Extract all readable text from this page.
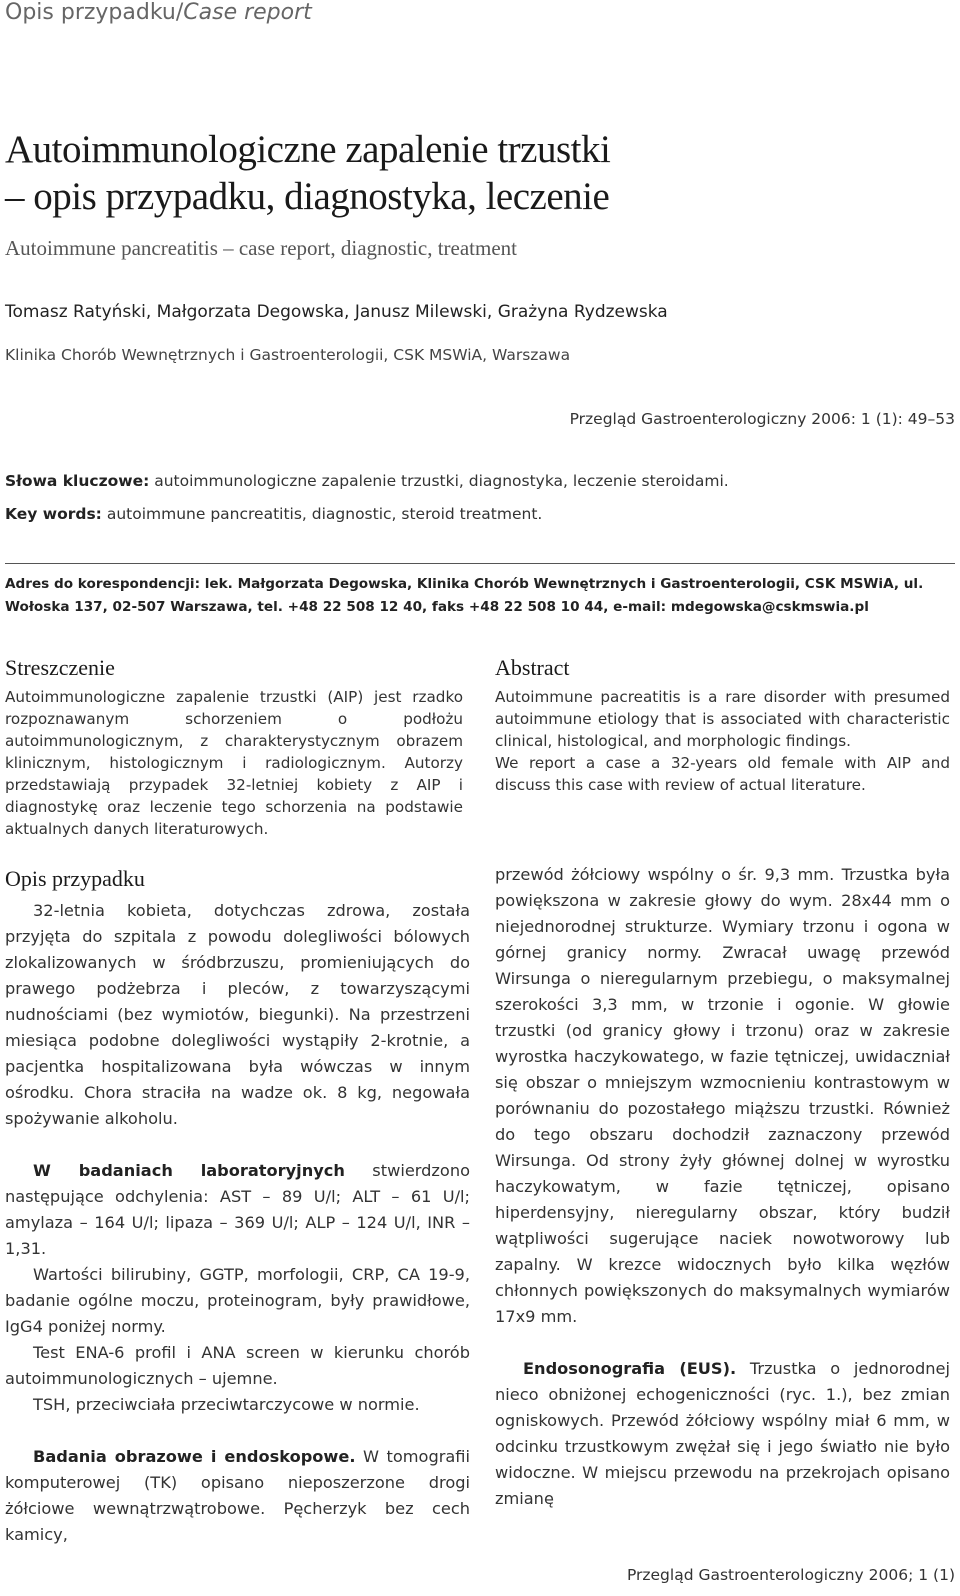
Opis przypadku/Case report
Autoimmunologiczne zapalenie trzustki
– opis przypadku, diagnostyka, leczenie
Autoimmune pancreatitis – case report, diagnostic, treatment
Tomasz Ratyński, Małgorzata Degowska, Janusz Milewski, Grażyna Rydzewska
Klinika Chorób Wewnętrznych i Gastroenterologii, CSK MSWiA, Warszawa
Przegląd Gastroenterologiczny 2006: 1 (1): 49–53
Słowa kluczowe: autoimmunologiczne zapalenie trzustki, diagnostyka, leczenie steroidami.
Key words: autoimmune pancreatitis, diagnostic, steroid treatment.
Adres do korespondencji: lek. Małgorzata Degowska, Klinika Chorób Wewnętrznych i Gastroenterologii, CSK MSWiA, ul. Wołoska 137, 02-507 Warszawa, tel. +48 22 508 12 40, faks +48 22 508 10 44, e-mail: mdegowska@cskmswia.pl
Streszczenie

Autoimmunologiczne zapalenie trzustki (AIP) jest rzadko rozpoznawanym schorzeniem o podłożu autoimmunologicznym, z charakterystycznym obrazem klinicznym, histologicznym i radiologicznym. Autorzy przedstawiają przypadek 32-letniej kobiety z AIP i diagnostykę oraz leczenie tego schorzenia na podstawie aktualnych danych literaturowych.

Abstract

Autoimmune pacreatitis is a rare disorder with presumed autoimmune etiology that is associated with characteristic clinical, histological, and morphologic findings.

We report a case a 32-years old female with AIP and discuss this case with review of actual literature.

Opis przypadku

32-letnia kobieta, dotychczas zdrowa, została przyjęta do szpitala z powodu dolegliwości bólowych zlokalizowanych w śródbrzuszu, promieniujących do prawego podżebrza i pleców, z towarzyszącymi nudnościami (bez wymiotów, biegunki). Na przestrzeni miesiąca podobne dolegliwości wystąpiły 2-krotnie, a pacjentka hospitalizowana była wówczas w innym ośrodku. Chora straciła na wadze ok. 8 kg, negowała spożywanie alkoholu.

W badaniach laboratoryjnych stwierdzono następujące odchylenia: AST – 89 U/l; ALT – 61 U/l; amylaza – 164 U/l; lipaza – 369 U/l; ALP – 124 U/l, INR – 1,31.

Wartości bilirubiny, GGTP, morfologii, CRP, CA 19-9, badanie ogólne moczu, proteinogram, były prawidłowe, IgG4 poniżej normy.

Test ENA-6 profil i ANA screen w kierunku chorób autoimmunologicznych – ujemne.

TSH, przeciwciała przeciwtarczycowe w normie.

Badania obrazowe i endoskopowe. W tomografii komputerowej (TK) opisano nieposzerzone drogi żółciowe wewnątrzwątrobowe. Pęcherzyk bez cech kamicy,

przewód żółciowy wspólny o śr. 9,3 mm. Trzustka była powiększona w zakresie głowy do wym. 28x44 mm o niejednorodnej strukturze. Wymiary trzonu i ogona w górnej granicy normy. Zwracał uwagę przewód Wirsunga o nieregularnym przebiegu, o maksymalnej szerokości 3,3 mm, w trzonie i ogonie. W głowie trzustki (od granicy głowy i trzonu) oraz w zakresie wyrostka haczykowatego, w fazie tętniczej, uwidaczniał się obszar o mniejszym wzmocnieniu kontrastowym w porównaniu do pozostałego miąższu trzustki. Również do tego obszaru dochodził zaznaczony przewód Wirsunga. Od strony żyły głównej dolnej w wyrostku haczykowatym, w fazie tętniczej, opisano hiperdensyjny, nieregularny obszar, który budził wątpliwości sugerujące naciek nowotworowy lub zapalny. W krezce widocznych było kilka węzłów chłonnych powiększonych do maksymalnych wymiarów 17x9 mm.

Endosonografia (EUS). Trzustka o jednorodnej nieco obniżonej echogeniczności (ryc. 1.), bez zmian ogniskowych. Przewód żółciowy wspólny miał 6 mm, w odcinku trzustkowym zwężał się i jego światło nie było widoczne. W miejscu przewodu na przekrojach opisano zmianę

Przegląd Gastroenterologiczny 2006; 1 (1)
